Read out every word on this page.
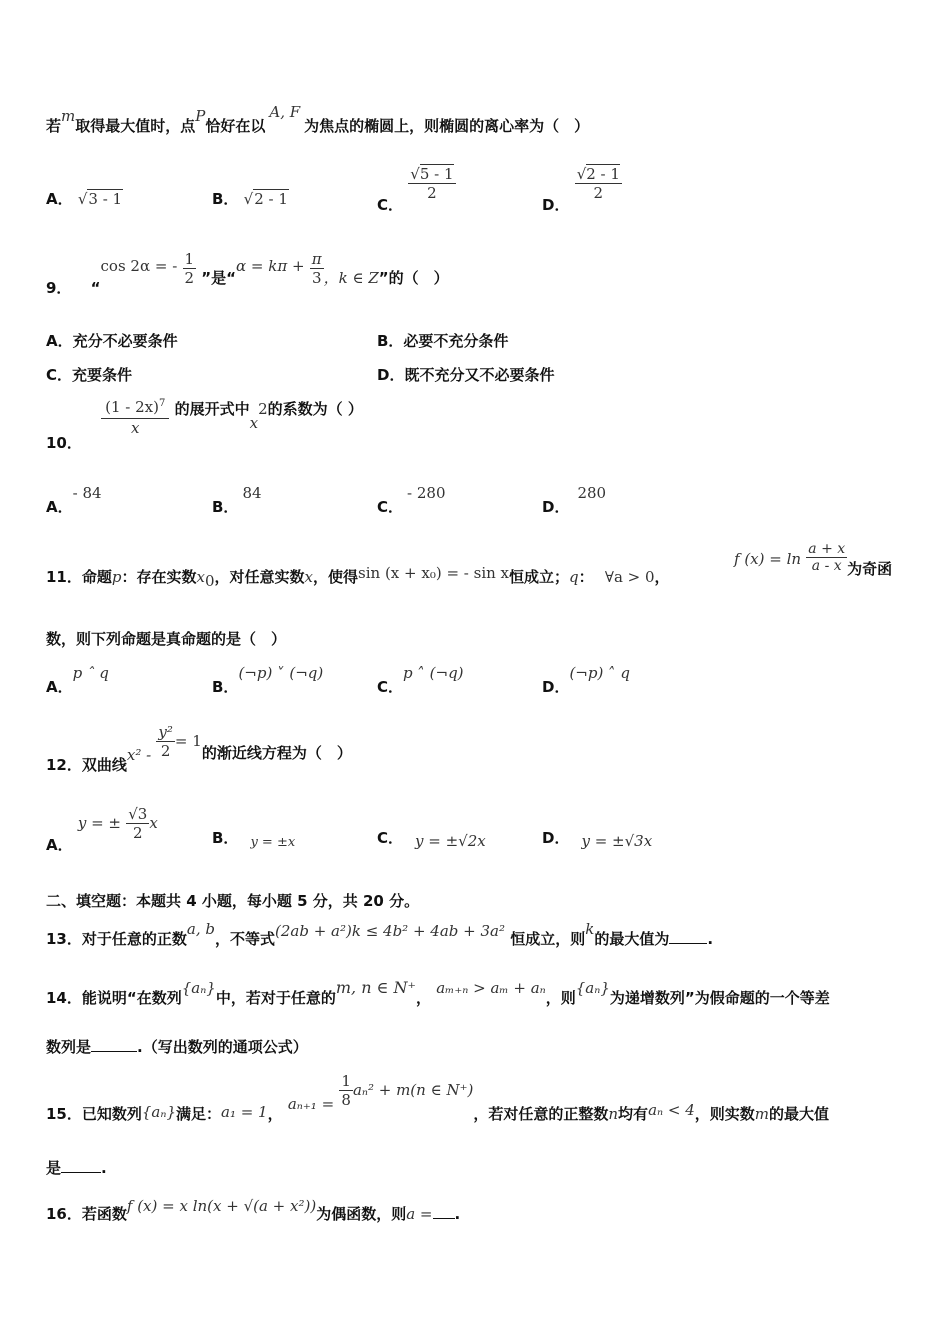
若m取得最大值时，点P恰好在以A, F为焦点的椭圆上，则椭圆的离心率为（　）
A． √3 - 1	B． √2 - 1	C．
$\frac{√5 - 1}{2}$
D．
$\frac{√2 - 1}{2}$
9． “cos 2α = - $\frac{1}{2}$ ”是“$\alpha = k\pi + \frac{\pi}{3}$ ，k ∈ Z”的（　）
A．充分不必要条件	B．必要不充分条件
C．充要条件	D．既不充分又不必要条件
10．
$\frac{(1 - 2x)^7}{x}$ 的展开式中$x^2$的系数为（ ）
A．- 84
B．84
C．- 280
D．280
11．命题p：存在实数$x_0$，对任意实数x，使得sin (x + x₀) = - sin x恒成立；q： ∀a > 0，
f $(x) = \ln \frac{a + x}{a - x}$ 为奇函
数，则下列命题是真命题的是（　）
A．p ˆ q
B．(¬p) ˅ (¬q)
C．p ˄ (¬q)
D．(¬p) ˄ q
12．双曲线$x^2 - \frac{\text{y²}}{2} = 1$的渐近线方程为（　）
A． y = ± $\frac{√3}{2}$ x
B． y = ±x	C． y = ±√2x	D． y = ±√3x
二、填空题：本题共 4 小题，每小题 5 分，共 20 分。
13．对于任意的正数a, b，不等式(2ab + a²)k ≤ 4b² + 4ab + 3a² 恒成立，则k的最大值为	.
14．能说明“在数列{aₙ}中，若对于任意的m, n ∈ N⁺， aₘ₊ₙ > aₘ + aₙ，则{aₙ}为递增数列”为假命题的一个等差
数列是	.（写出数列的通项公式）
15．已知数列{aₙ}满足：a₁ = 1， $a_{n+1} = \frac{1}{8} a_n^2 + m(n$ ∈ N⁺)，若对任意的正整数n均有aₙ < 4，则实数m的最大值
是	.
16．若函数f (x) = x ln(x + √(a + x²))为偶函数，则a = .
